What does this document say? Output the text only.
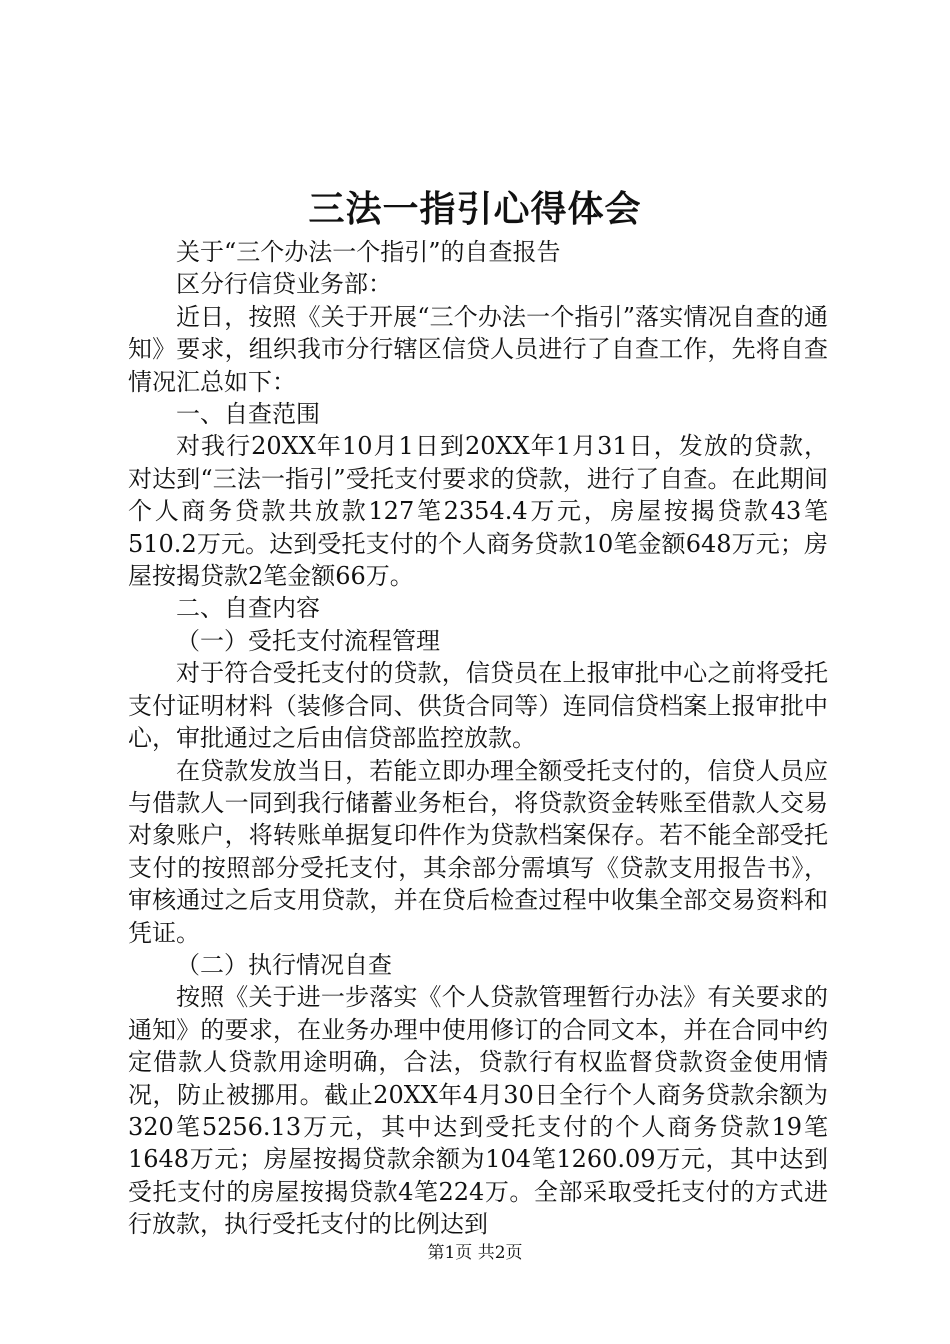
三法一指引心得体会

关于“三个办法一个指引”的自查报告

区分行信贷业务部：

近日，按照《关于开展“三个办法一个指引”落实情况自查的通知》要求，组织我市分行辖区信贷人员进行了自查工作，先将自查情况汇总如下：

一、自查范围

对我行20XX年10月1日到20XX年1月31日，发放的贷款，对达到“三法一指引”受托支付要求的贷款，进行了自查。在此期间个人商务贷款共放款127笔2354.4万元，房屋按揭贷款43笔510.2万元。达到受托支付的个人商务贷款10笔金额648万元；房屋按揭贷款2笔金额66万。

二、自查内容

（一）受托支付流程管理

对于符合受托支付的贷款，信贷员在上报审批中心之前将受托支付证明材料（装修合同、供货合同等）连同信贷档案上报审批中心，审批通过之后由信贷部监控放款。

在贷款发放当日，若能立即办理全额受托支付的，信贷人员应与借款人一同到我行储蓄业务柜台，将贷款资金转账至借款人交易对象账户，将转账单据复印件作为贷款档案保存。若不能全部受托支付的按照部分受托支付，其余部分需填写《贷款支用报告书》，审核通过之后支用贷款，并在贷后检查过程中收集全部交易资料和凭证。

（二）执行情况自查

按照《关于进一步落实《个人贷款管理暂行办法》有关要求的通知》的要求，在业务办理中使用修订的合同文本，并在合同中约定借款人贷款用途明确，合法，贷款行有权监督贷款资金使用情况，防止被挪用。截止20XX年4月30日全行个人商务贷款余额为320笔5256.13万元，其中达到受托支付的个人商务贷款19笔1648万元；房屋按揭贷款余额为104笔1260.09万元，其中达到受托支付的房屋按揭贷款4笔224万。全部采取受托支付的方式进行放款，执行受托支付的比例达到

第1页 共2页
